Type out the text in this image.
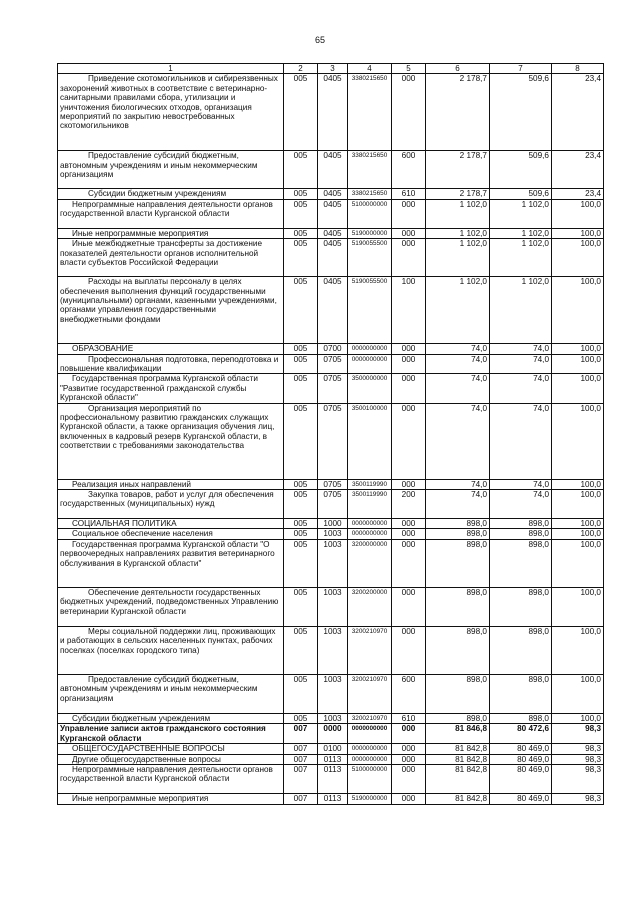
65
1	2	3	4	5	6	7	8
Приведение скотомогильников и сибиреязвенных захоронений животных в соответствие с ветеринарно-санитарными правилами сбора, утилизации и уничтожения биологических отходов, организация мероприятий по закрытию невостребованных скотомогильников	005	0405	3380215650	000	2 178,7	509,6	23,4
Предоставление субсидий бюджетным, автономным учреждениям и иным некоммерческим организациям	005	0405	3380215650	600	2 178,7	509,6	23,4
Субсидии бюджетным учреждениям	005	0405	3380215650	610	2 178,7	509,6	23,4
Непрограммные направления деятельности органов государственной власти Курганской области	005	0405	5100000000	000	1 102,0	1 102,0	100,0
Иные непрограммные мероприятия	005	0405	5190000000	000	1 102,0	1 102,0	100,0
Иные межбюджетные трансферты за достижение показателей деятельности органов исполнительной власти субъектов Российской Федерации	005	0405	5190055500	000	1 102,0	1 102,0	100,0
Расходы на выплаты персоналу в целях обеспечения выполнения функций государственными (муниципальными) органами, казенными учреждениями, органами управления государственными внебюджетными фондами	005	0405	5190055500	100	1 102,0	1 102,0	100,0
ОБРАЗОВАНИЕ	005	0700	0000000000	000	74,0	74,0	100,0
Профессиональная подготовка, переподготовка и повышение квалификации	005	0705	0000000000	000	74,0	74,0	100,0
Государственная программа Курганской области "Развитие государственной гражданской службы Курганской области"	005	0705	3500000000	000	74,0	74,0	100,0
Организация мероприятий по профессиональному развитию гражданских служащих Курганской области, а также организация обучения лиц, включенных в кадровый резерв Курганской области, в соответствии с требованиями законодательства	005	0705	3500100000	000	74,0	74,0	100,0
Реализация иных направлений	005	0705	3500119990	000	74,0	74,0	100,0
Закупка товаров, работ и услуг для обеспечения государственных (муниципальных) нужд	005	0705	3500119990	200	74,0	74,0	100,0
СОЦИАЛЬНАЯ ПОЛИТИКА	005	1000	0000000000	000	898,0	898,0	100,0
Социальное обеспечение населения	005	1003	0000000000	000	898,0	898,0	100,0
Государственная программа Курганской области "О первоочередных направлениях развития ветеринарного обслуживания в Курганской области"	005	1003	3200000000	000	898,0	898,0	100,0
Обеспечение деятельности государственных бюджетных учреждений, подведомственных Управлению ветеринарии Курганской области	005	1003	3200200000	000	898,0	898,0	100,0
Меры социальной поддержки лиц, проживающих и работающих в сельских населенных пунктах, рабочих поселках (поселках городского типа)	005	1003	3200210970	000	898,0	898,0	100,0
Предоставление субсидий бюджетным, автономным учреждениям и иным некоммерческим организациям	005	1003	3200210970	600	898,0	898,0	100,0
Субсидии бюджетным учреждениям	005	1003	3200210970	610	898,0	898,0	100,0
Управление записи актов гражданского состояния Курганской области	007	0000	0000000000	000	81 846,8	80 472,6	98,3
ОБЩЕГОСУДАРСТВЕННЫЕ ВОПРОСЫ	007	0100	0000000000	000	81 842,8	80 469,0	98,3
Другие общегосударственные вопросы	007	0113	0000000000	000	81 842,8	80 469,0	98,3
Непрограммные направления деятельности органов государственной власти Курганской области	007	0113	5100000000	000	81 842,8	80 469,0	98,3
Иные непрограммные мероприятия	007	0113	5190000000	000	81 842,8	80 469,0	98,3
